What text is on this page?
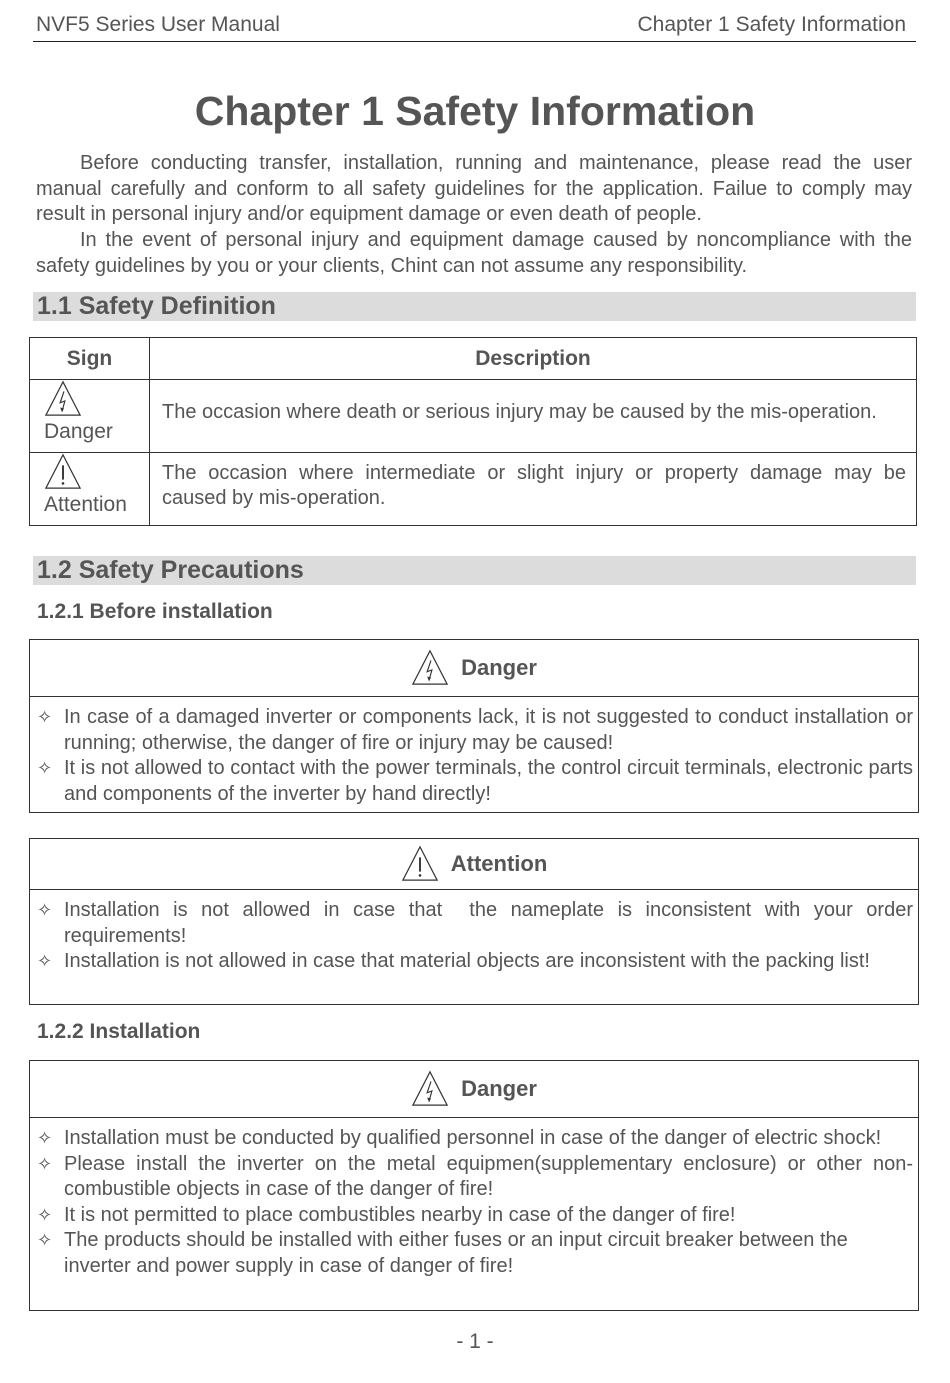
NVF5 Series User Manual	Chapter 1 Safety Information
Chapter 1 Safety Information

Before conducting transfer, installation, running and maintenance, please read the user manual carefully and conform to all safety guidelines for the application. Failue to comply may result in personal injury and/or equipment damage or even death of people.

In the event of personal injury and equipment damage caused by noncompliance with the safety guidelines by you or your clients, Chint can not assume any responsibility.

1.1 Safety Definition
Sign	Description

Danger	The occasion where death or serious injury may be caused by the mis-operation.

Attention	The occasion where intermediate or slight injury or property damage may be caused by mis-operation.
1.2 Safety Precautions
1.2.1 Before installation
Danger
✧ In case of a damaged inverter or components lack, it is not suggested to conduct installation or running; otherwise, the danger of fire or injury may be caused!
✧ It is not allowed to contact with the power terminals, the control circuit terminals, electronic parts and components of the inverter by hand directly!
Attention
✧ Installation is not allowed in case that  the nameplate is inconsistent with your order requirements!
✧ Installation is not allowed in case that material objects are inconsistent with the packing list!
1.2.2 Installation
Danger
✧ Installation must be conducted by qualified personnel in case of the danger of electric shock!
✧ Please install the inverter on the metal equipmen(supplementary enclosure) or other non-combustible objects in case of the danger of fire!
✧ It is not permitted to place combustibles nearby in case of the danger of fire!
✧ The products should be installed with either fuses or an input circuit breaker between the inverter and power supply in case of danger of fire!
- 1 -
